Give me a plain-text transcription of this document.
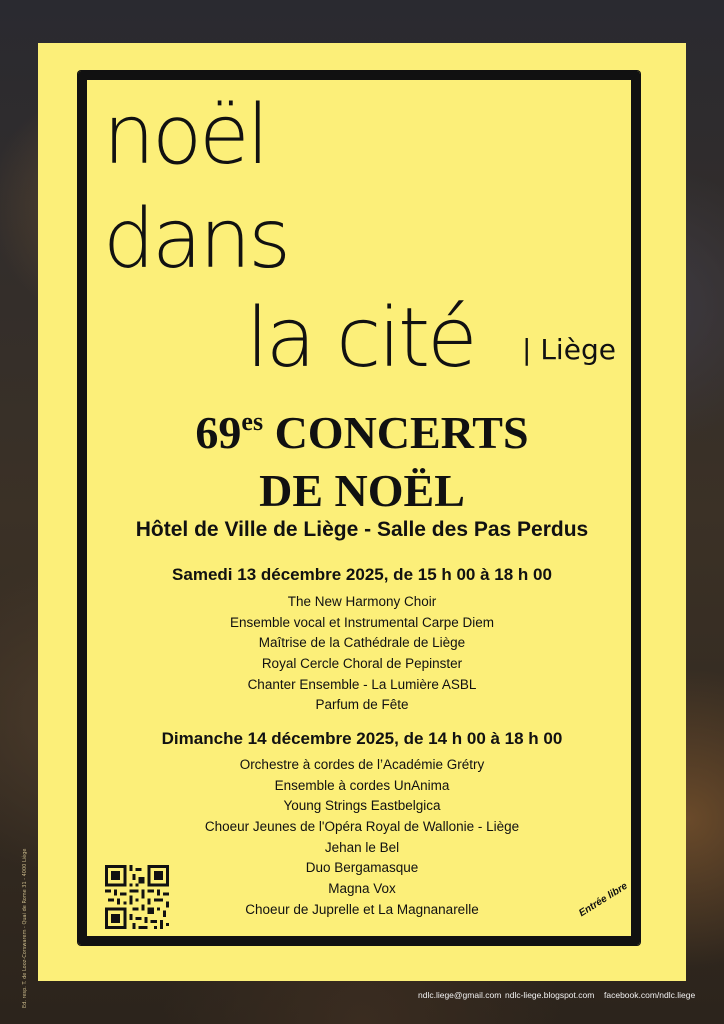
noël
dans
la cité | Liège
$69^{es}$ CONCERTS
DE NOËL
Hôtel de Ville de Liège - Salle des Pas Perdus
Samedi 13 décembre 2025, de 15 h 00 à 18 h 00
The New Harmony Choir
Ensemble vocal et Instrumental Carpe Diem
Maîtrise de la Cathédrale de Liège
Royal Cercle Choral de Pepinster
Chanter Ensemble - La Lumière ASBL
Parfum de Fête
Dimanche 14 décembre 2025, de 14 h 00 à 18 h 00
Orchestre à cordes de l’Académie Grétry
Ensemble à cordes UnAnima
Young Strings Eastbelgica
Choeur Jeunes de l'Opéra Royal de Wallonie - Liège
Jehan le Bel
Duo Bergamasque
Magna Vox
Choeur de Juprelle et La Magnanarelle	Entrée libre
Ed. resp. T. de Looz-Corswarem - Quai de Rome 31 - 4000 Liège	ndlc.liege@gmail.com ndlc-liege.blogspot.com facebook.com/ndlc.liege
